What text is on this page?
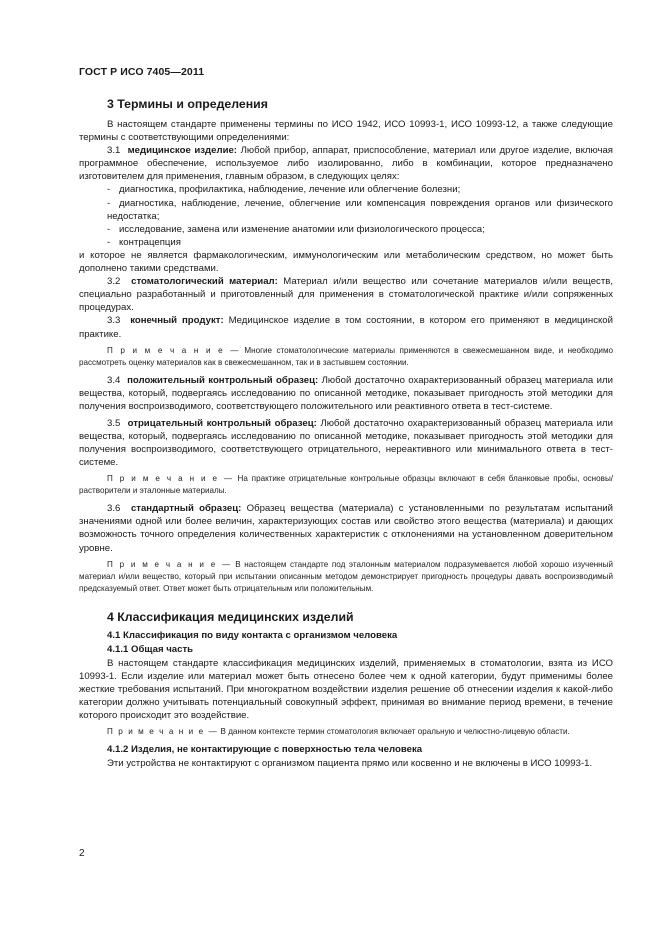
ГОСТ Р ИСО 7405—2011
3 Термины и определения

В настоящем стандарте применены термины по ИСО 1942, ИСО 10993-1, ИСО 10993-12, а также следующие термины с соответствующими определениями:

3.1 медицинское изделие: Любой прибор, аппарат, приспособление, материал или другое изделие, включая программное обеспечение, используемое либо изолированно, либо в комбинации, которое предназначено изготовителем для применения, главным образом, в следующих целях:

- диагностика, профилактика, наблюдение, лечение или облегчение болезни;

- диагностика, наблюдение, лечение, облегчение или компенсация повреждения органов или физического недостатка;

- исследование, замена или изменение анатомии или физиологического процесса;

- контрацепция

и которое не является фармакологическим, иммунологическим или метаболическим средством, но может быть дополнено такими средствами.

3.2 стоматологический материал: Материал и/или вещество или сочетание материалов и/или веществ, специально разработанный и приготовленный для применения в стоматологической практике и/или сопряженных процедурах.

3.3 конечный продукт: Медицинское изделие в том состоянии, в котором его применяют в медицинской практике.

П р и м е ч а н и е — Многие стоматологические материалы применяются в свежесмешанном виде, и необходимо рассмотреть оценку материалов как в свежесмешанном, так и в застывшем состоянии.

3.4 положительный контрольный образец: Любой достаточно охарактеризованный образец материала или вещества, который, подвергаясь исследованию по описанной методике, показывает пригодность этой методики для получения воспроизводимого, соответствующего положительного или реактивного ответа в тест-системе.

3.5 отрицательный контрольный образец: Любой достаточно охарактеризованный образец материала или вещества, который, подвергаясь исследованию по описанной методике, показывает пригодность этой методики для получения воспроизводимого, соответствующего отрицательного, нереактивного или минимального ответа в тест-системе.

П р и м е ч а н и е — На практике отрицательные контрольные образцы включают в себя бланковые пробы, основы/растворители и эталонные материалы.

3.6 стандартный образец: Образец вещества (материала) с установленными по результатам испытаний значениями одной или более величин, характеризующих состав или свойство этого вещества (материала) и дающих возможность точного определения количественных характеристик с отклонениями на установленном доверительном уровне.

П р и м е ч а н и е — В настоящем стандарте под эталонным материалом подразумевается любой хорошо изученный материал и/или вещество, который при испытании описанным методом демонстрирует пригодность процедуры давать воспроизводимый предсказуемый ответ. Ответ может быть отрицательным или положительным.

4 Классификация медицинских изделий
4.1 Классификация по виду контакта с организмом человека
4.1.1 Общая часть

В настоящем стандарте классификация медицинских изделий, применяемых в стоматологии, взята из ИСО 10993-1. Если изделие или материал может быть отнесено более чем к одной категории, будут применимы более жесткие требования испытаний. При многократном воздействии изделия решение об отнесении изделия к какой-либо категории должно учитывать потенциальный совокупный эффект, принимая во внимание период времени, в течение которого происходит это воздействие.

П р и м е ч а н и е — В данном контексте термин стоматология включает оральную и челюстно-лицевую области.

4.1.2 Изделия, не контактирующие с поверхностью тела человека

Эти устройства не контактируют с организмом пациента прямо или косвенно и не включены в ИСО 10993-1.

2
